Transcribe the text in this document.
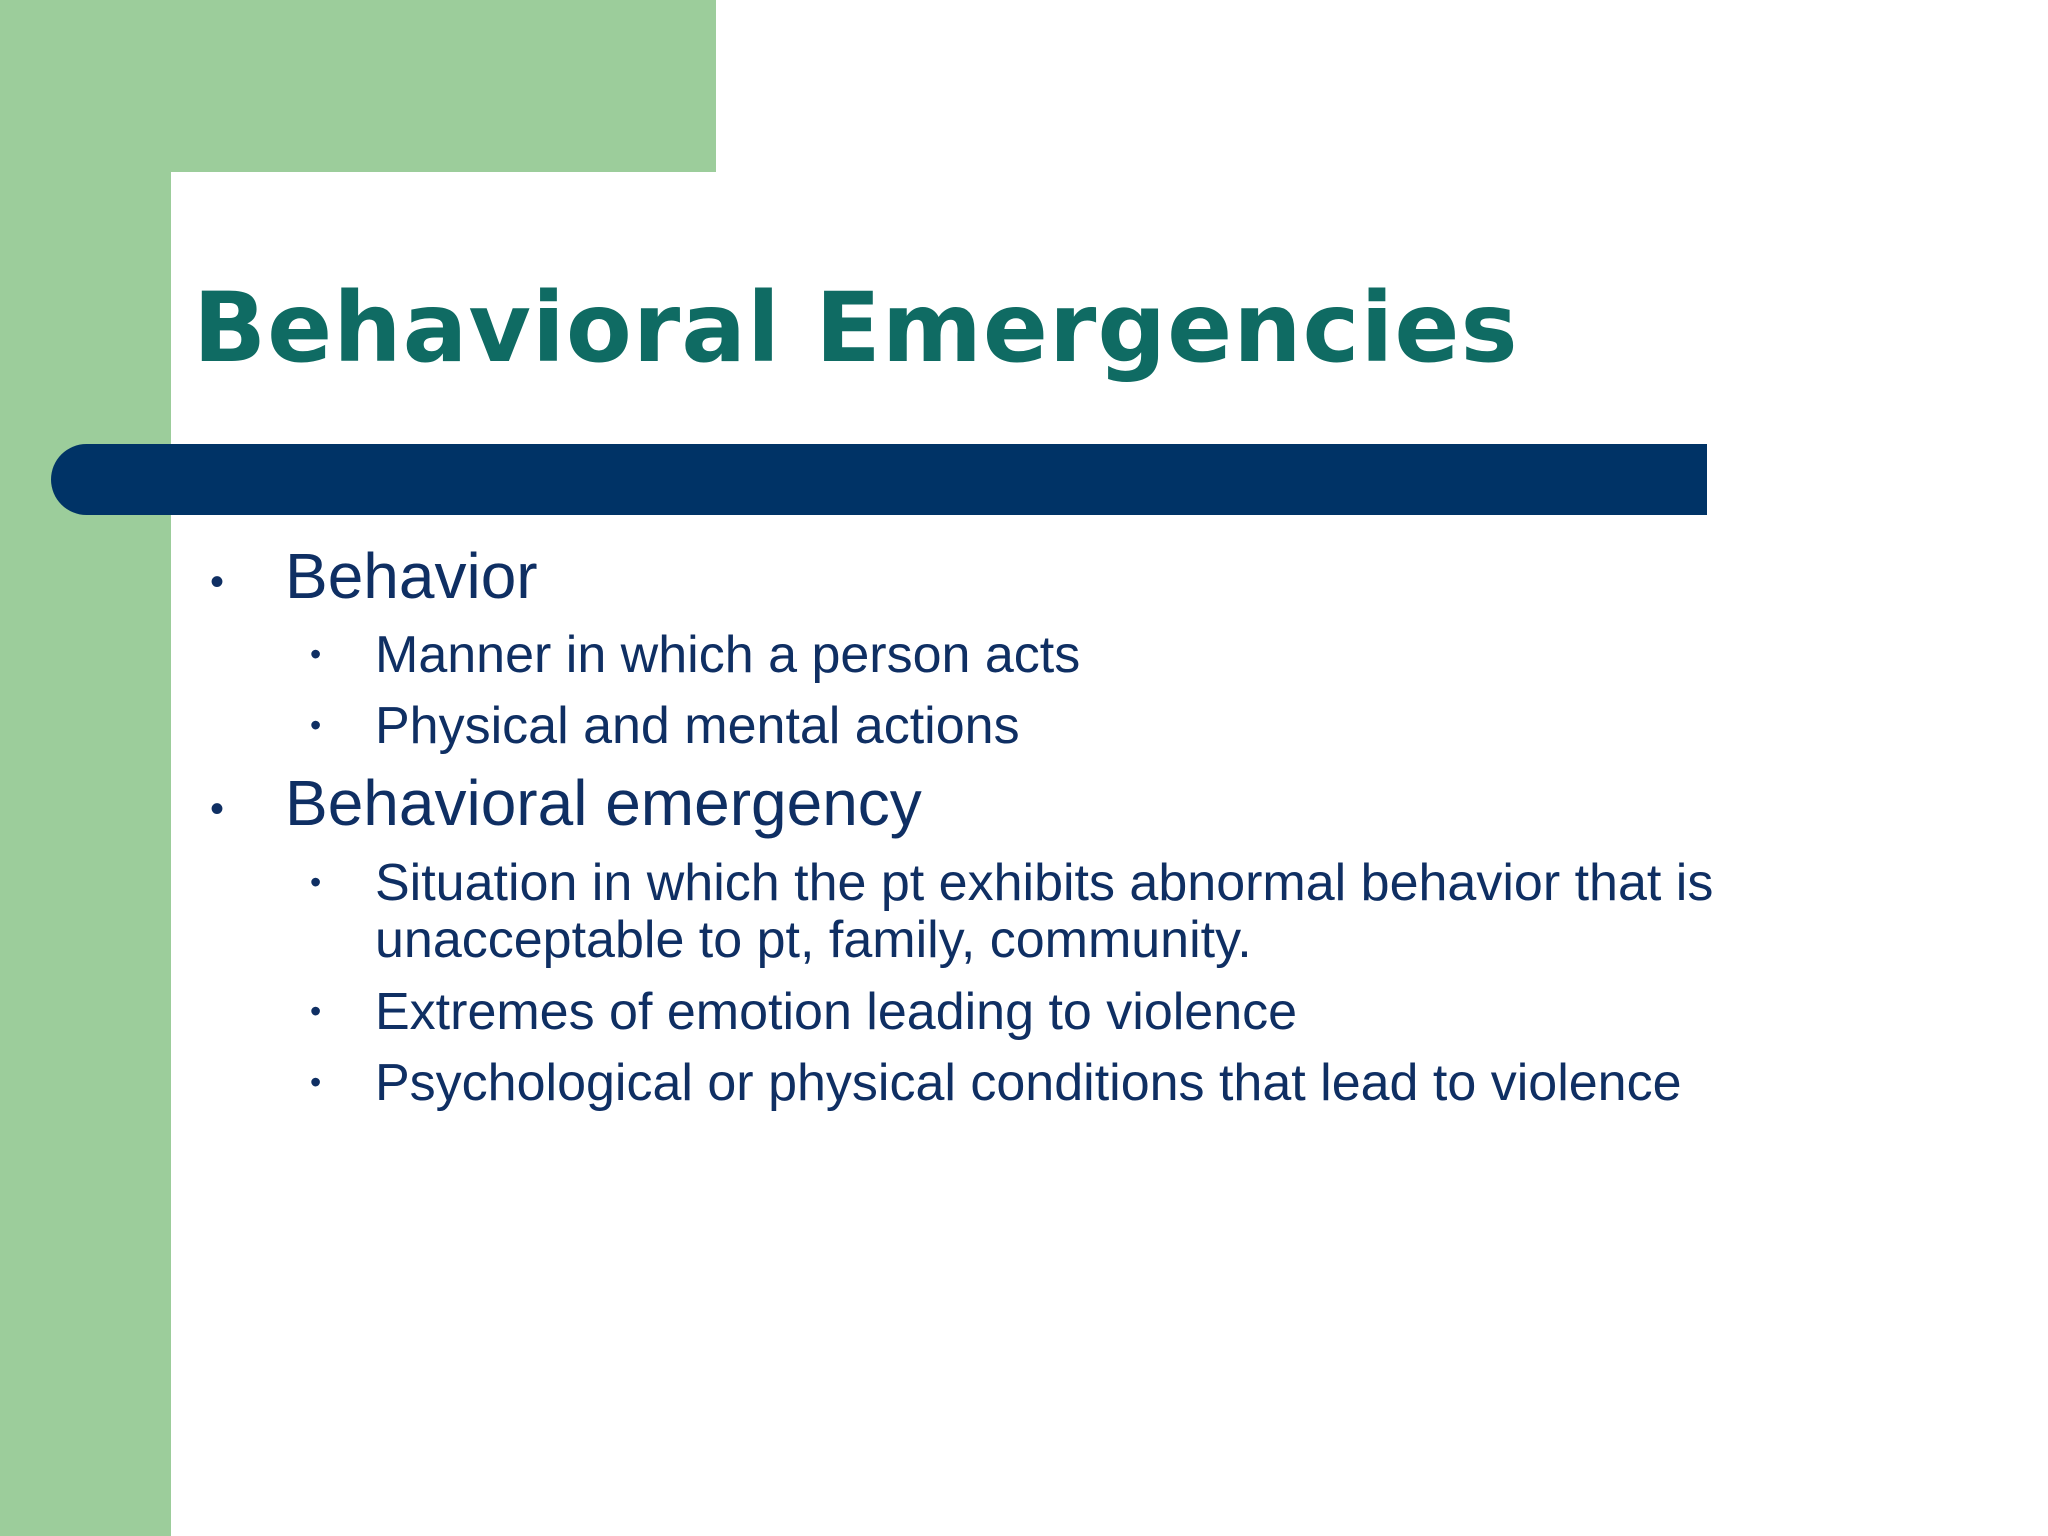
Behavioral Emergencies
• Behavior
• Manner in which a person acts
• Physical and mental actions
• Behavioral emergency
• Situation in which the pt exhibits abnormal behavior that is
unacceptable to pt, family, community.
• Extremes of emotion leading to violence
• Psychological or physical conditions that lead to violence
